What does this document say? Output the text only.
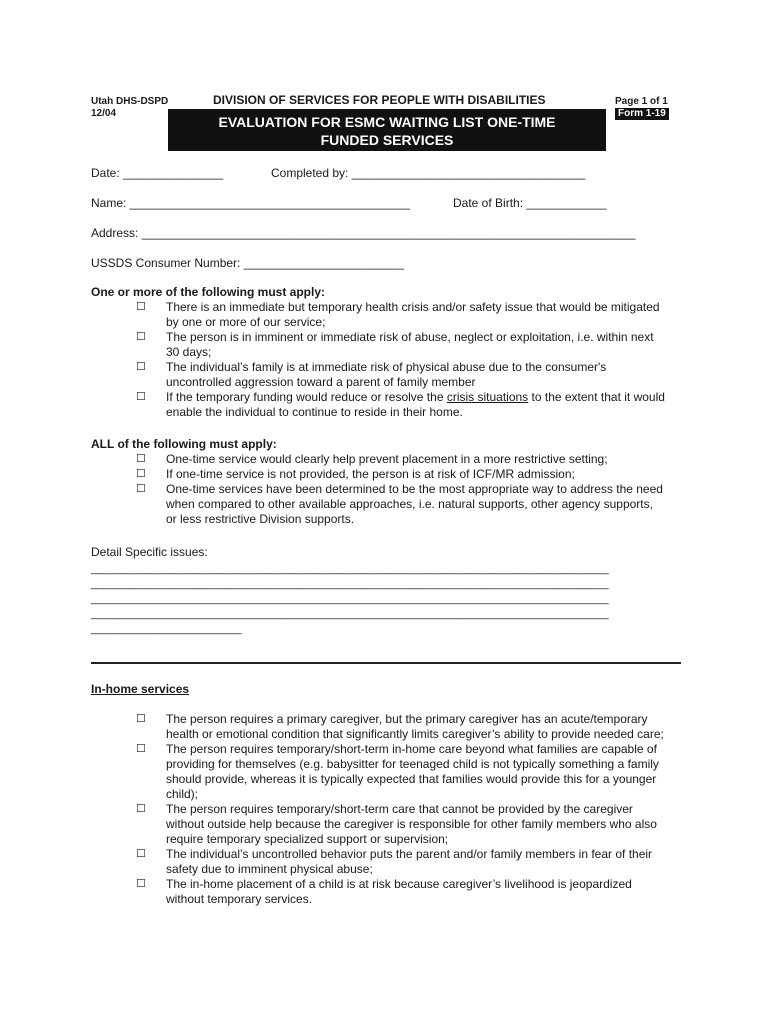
Utah DHS-DSPD
12/04
DIVISION OF SERVICES FOR PEOPLE WITH DISABILITIES	Page 1 of 1
Form 1-19
EVALUATION FOR ESMC WAITING LIST ONE-TIME
FUNDED SERVICES
Date: _______________	Completed by: ___________________________________
Name: __________________________________________	Date of Birth: ____________
Address: __________________________________________________________________________
USSDS Consumer Number: ________________________
One or more of the following must apply:
☐ There is an immediate but temporary health crisis and/or safety issue that would be mitigated by one or more of our service;
☐ The person is in imminent or immediate risk of abuse, neglect or exploitation, i.e. within next 30 days;
☐ The individual’s family is at immediate risk of physical abuse due to the consumer's uncontrolled aggression toward a parent of family member
☐ If the temporary funding would reduce or resolve the crisis situations to the extent that it would enable the individual to continue to reside in their home.
ALL of the following must apply:
☐ One-time service would clearly help prevent placement in a more restrictive setting;
☐ If one-time service is not provided, the person is at risk of ICF/MR admission;
☐ One-time services have been determined to be the most appropriate way to address the need when compared to other available approaches, i.e. natural supports, other agency supports, or less restrictive Division supports.
Detail Specific issues:
______________________________________________________________________________________
______________________________________________________________________________________
______________________________________________________________________________________
______________________________________________________________________________________
_________________________
In-home services
☐ The person requires a primary caregiver, but the primary caregiver has an acute/temporary health or emotional condition that significantly limits caregiver’s ability to provide needed care;
☐ The person requires temporary/short-term in-home care beyond what families are capable of providing for themselves (e.g. babysitter for teenaged child is not typically something a family should provide, whereas it is typically expected that families would provide this for a younger child);
☐ The person requires temporary/short-term care that cannot be provided by the caregiver without outside help because the caregiver is responsible for other family members who also require temporary specialized support or supervision;
☐ The individual’s uncontrolled behavior puts the parent and/or family members in fear of their safety due to imminent physical abuse;
☐ The in-home placement of a child is at risk because caregiver’s livelihood is jeopardized without temporary services.
